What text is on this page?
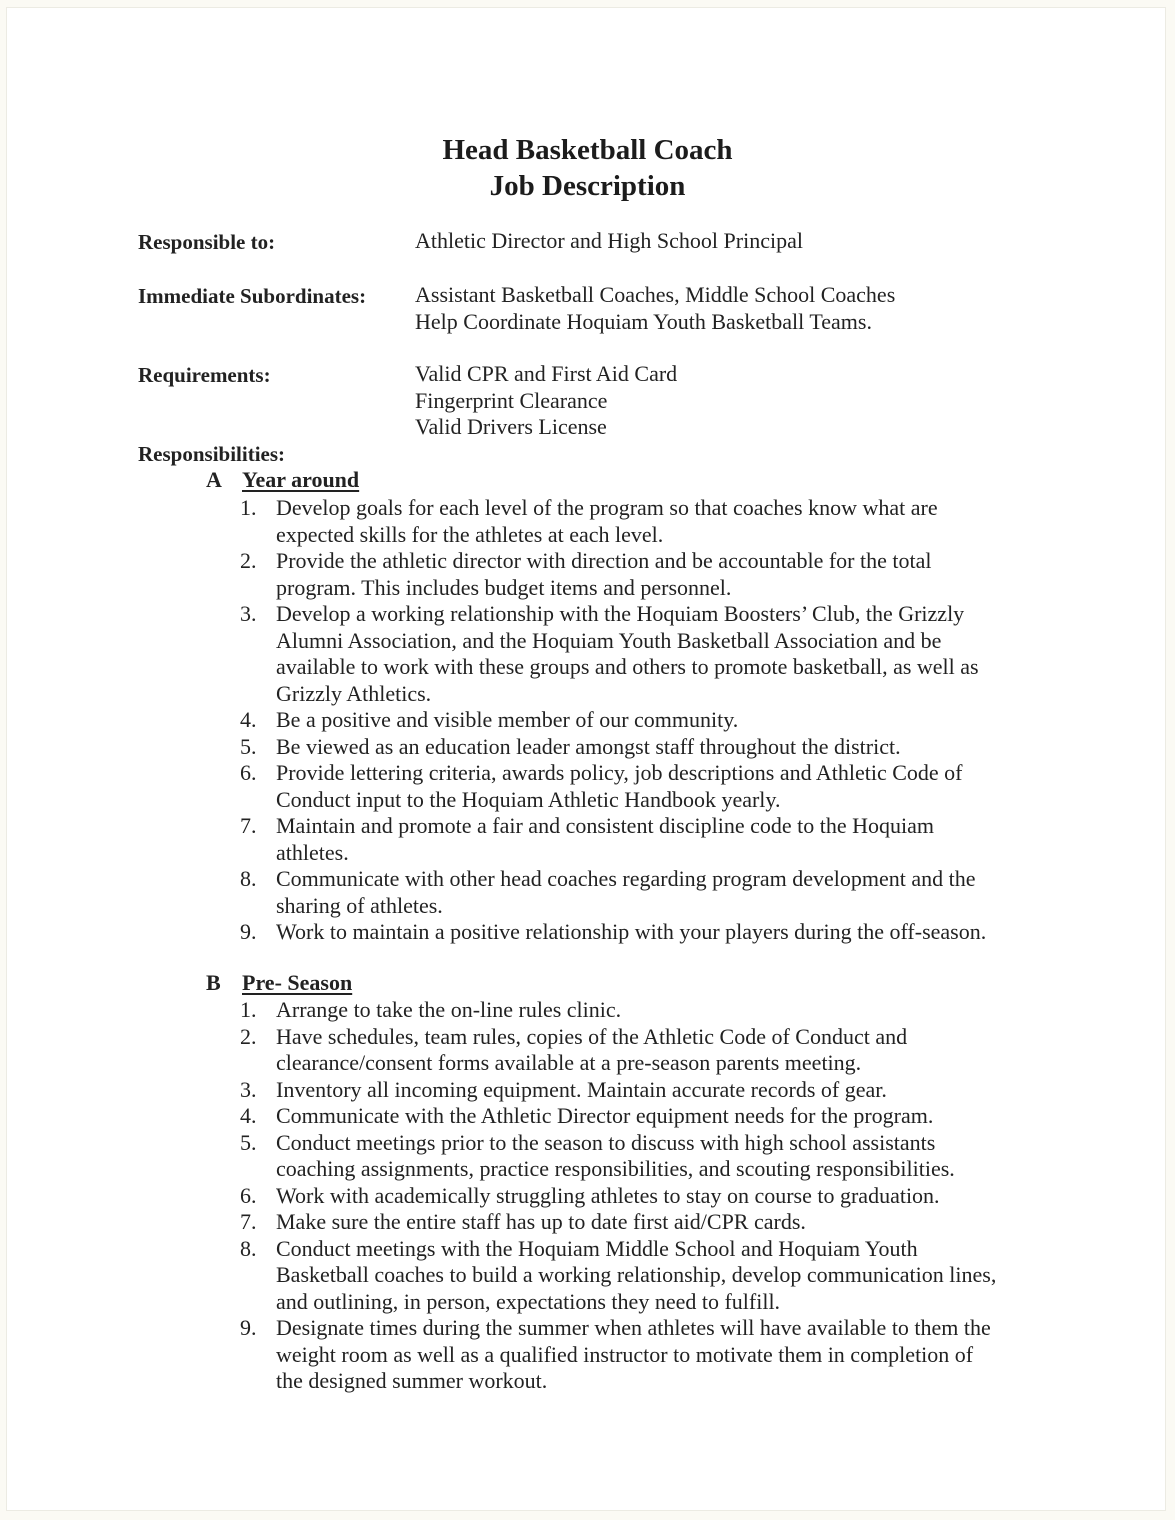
Head Basketball Coach
Job Description
Responsible to:	Athletic Director and High School Principal
Immediate Subordinates: Assistant Basketball Coaches, Middle School Coaches
Help Coordinate Hoquiam Youth Basketball Teams.
Requirements:	Valid CPR and First Aid Card
Fingerprint Clearance
Valid Drivers License
Responsibilities:
A Year around
1. Develop goals for each level of the program so that coaches know what are
expected skills for the athletes at each level.
2. Provide the athletic director with direction and be accountable for the total
program. This includes budget items and personnel.
3. Develop a working relationship with the Hoquiam Boosters’ Club, the Grizzly
Alumni Association, and the Hoquiam Youth Basketball Association and be
available to work with these groups and others to promote basketball, as well as
Grizzly Athletics.
4. Be a positive and visible member of our community.
5. Be viewed as an education leader amongst staff throughout the district.
6. Provide lettering criteria, awards policy, job descriptions and Athletic Code of
Conduct input to the Hoquiam Athletic Handbook yearly.
7. Maintain and promote a fair and consistent discipline code to the Hoquiam
athletes.
8. Communicate with other head coaches regarding program development and the
sharing of athletes.
9. Work to maintain a positive relationship with your players during the off-season.
B Pre- Season
1. Arrange to take the on-line rules clinic.
2. Have schedules, team rules, copies of the Athletic Code of Conduct and
clearance/consent forms available at a pre-season parents meeting.
3. Inventory all incoming equipment. Maintain accurate records of gear.
4. Communicate with the Athletic Director equipment needs for the program.
5. Conduct meetings prior to the season to discuss with high school assistants
coaching assignments, practice responsibilities, and scouting responsibilities.
6. Work with academically struggling athletes to stay on course to graduation.
7. Make sure the entire staff has up to date first aid/CPR cards.
8. Conduct meetings with the Hoquiam Middle School and Hoquiam Youth
Basketball coaches to build a working relationship, develop communication lines,
and outlining, in person, expectations they need to fulfill.
9. Designate times during the summer when athletes will have available to them the
weight room as well as a qualified instructor to motivate them in completion of
the designed summer workout.
